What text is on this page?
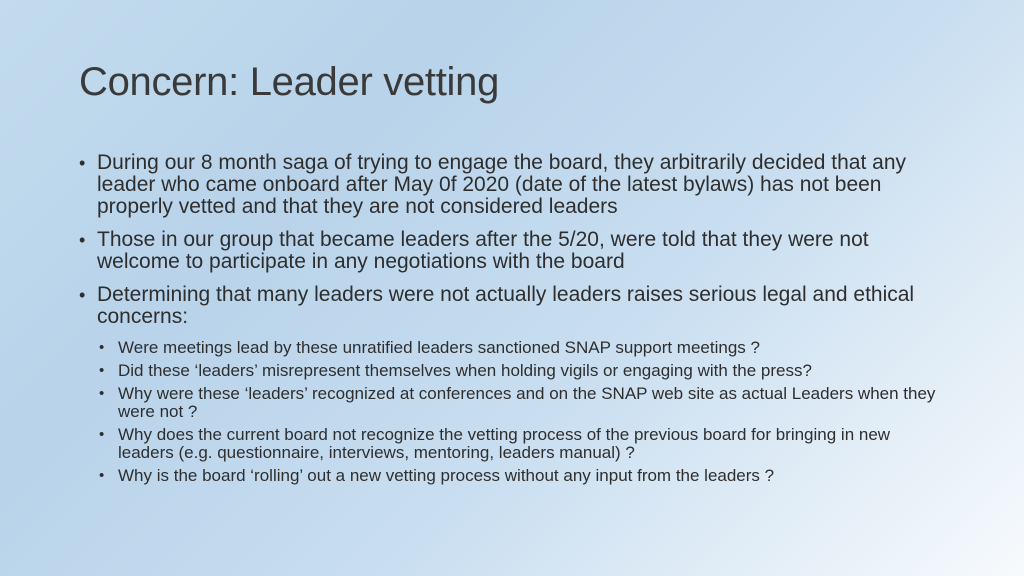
Concern: Leader vetting
• During our 8 month saga of trying to engage the board, they arbitrarily decided that any leader who came onboard after May 0f 2020 (date of the latest bylaws) has not been properly vetted and that they are not considered leaders
• Those in our group that became leaders after the 5/20, were told that they were not welcome to participate in any negotiations with the board
• Determining that many leaders were not actually leaders raises serious legal and ethical concerns:
• Were meetings lead by these unratified leaders sanctioned SNAP support meetings ?
• Did these ‘leaders’ misrepresent themselves when holding vigils or engaging with the press?
• Why were these ‘leaders’ recognized at conferences and on the SNAP web site as actual Leaders when they were not ?
• Why does the current board not recognize the vetting process of the previous board for bringing in new leaders (e.g. questionnaire, interviews, mentoring, leaders manual) ?
• Why is the board ‘rolling’ out a new vetting process without any input from the leaders ?
